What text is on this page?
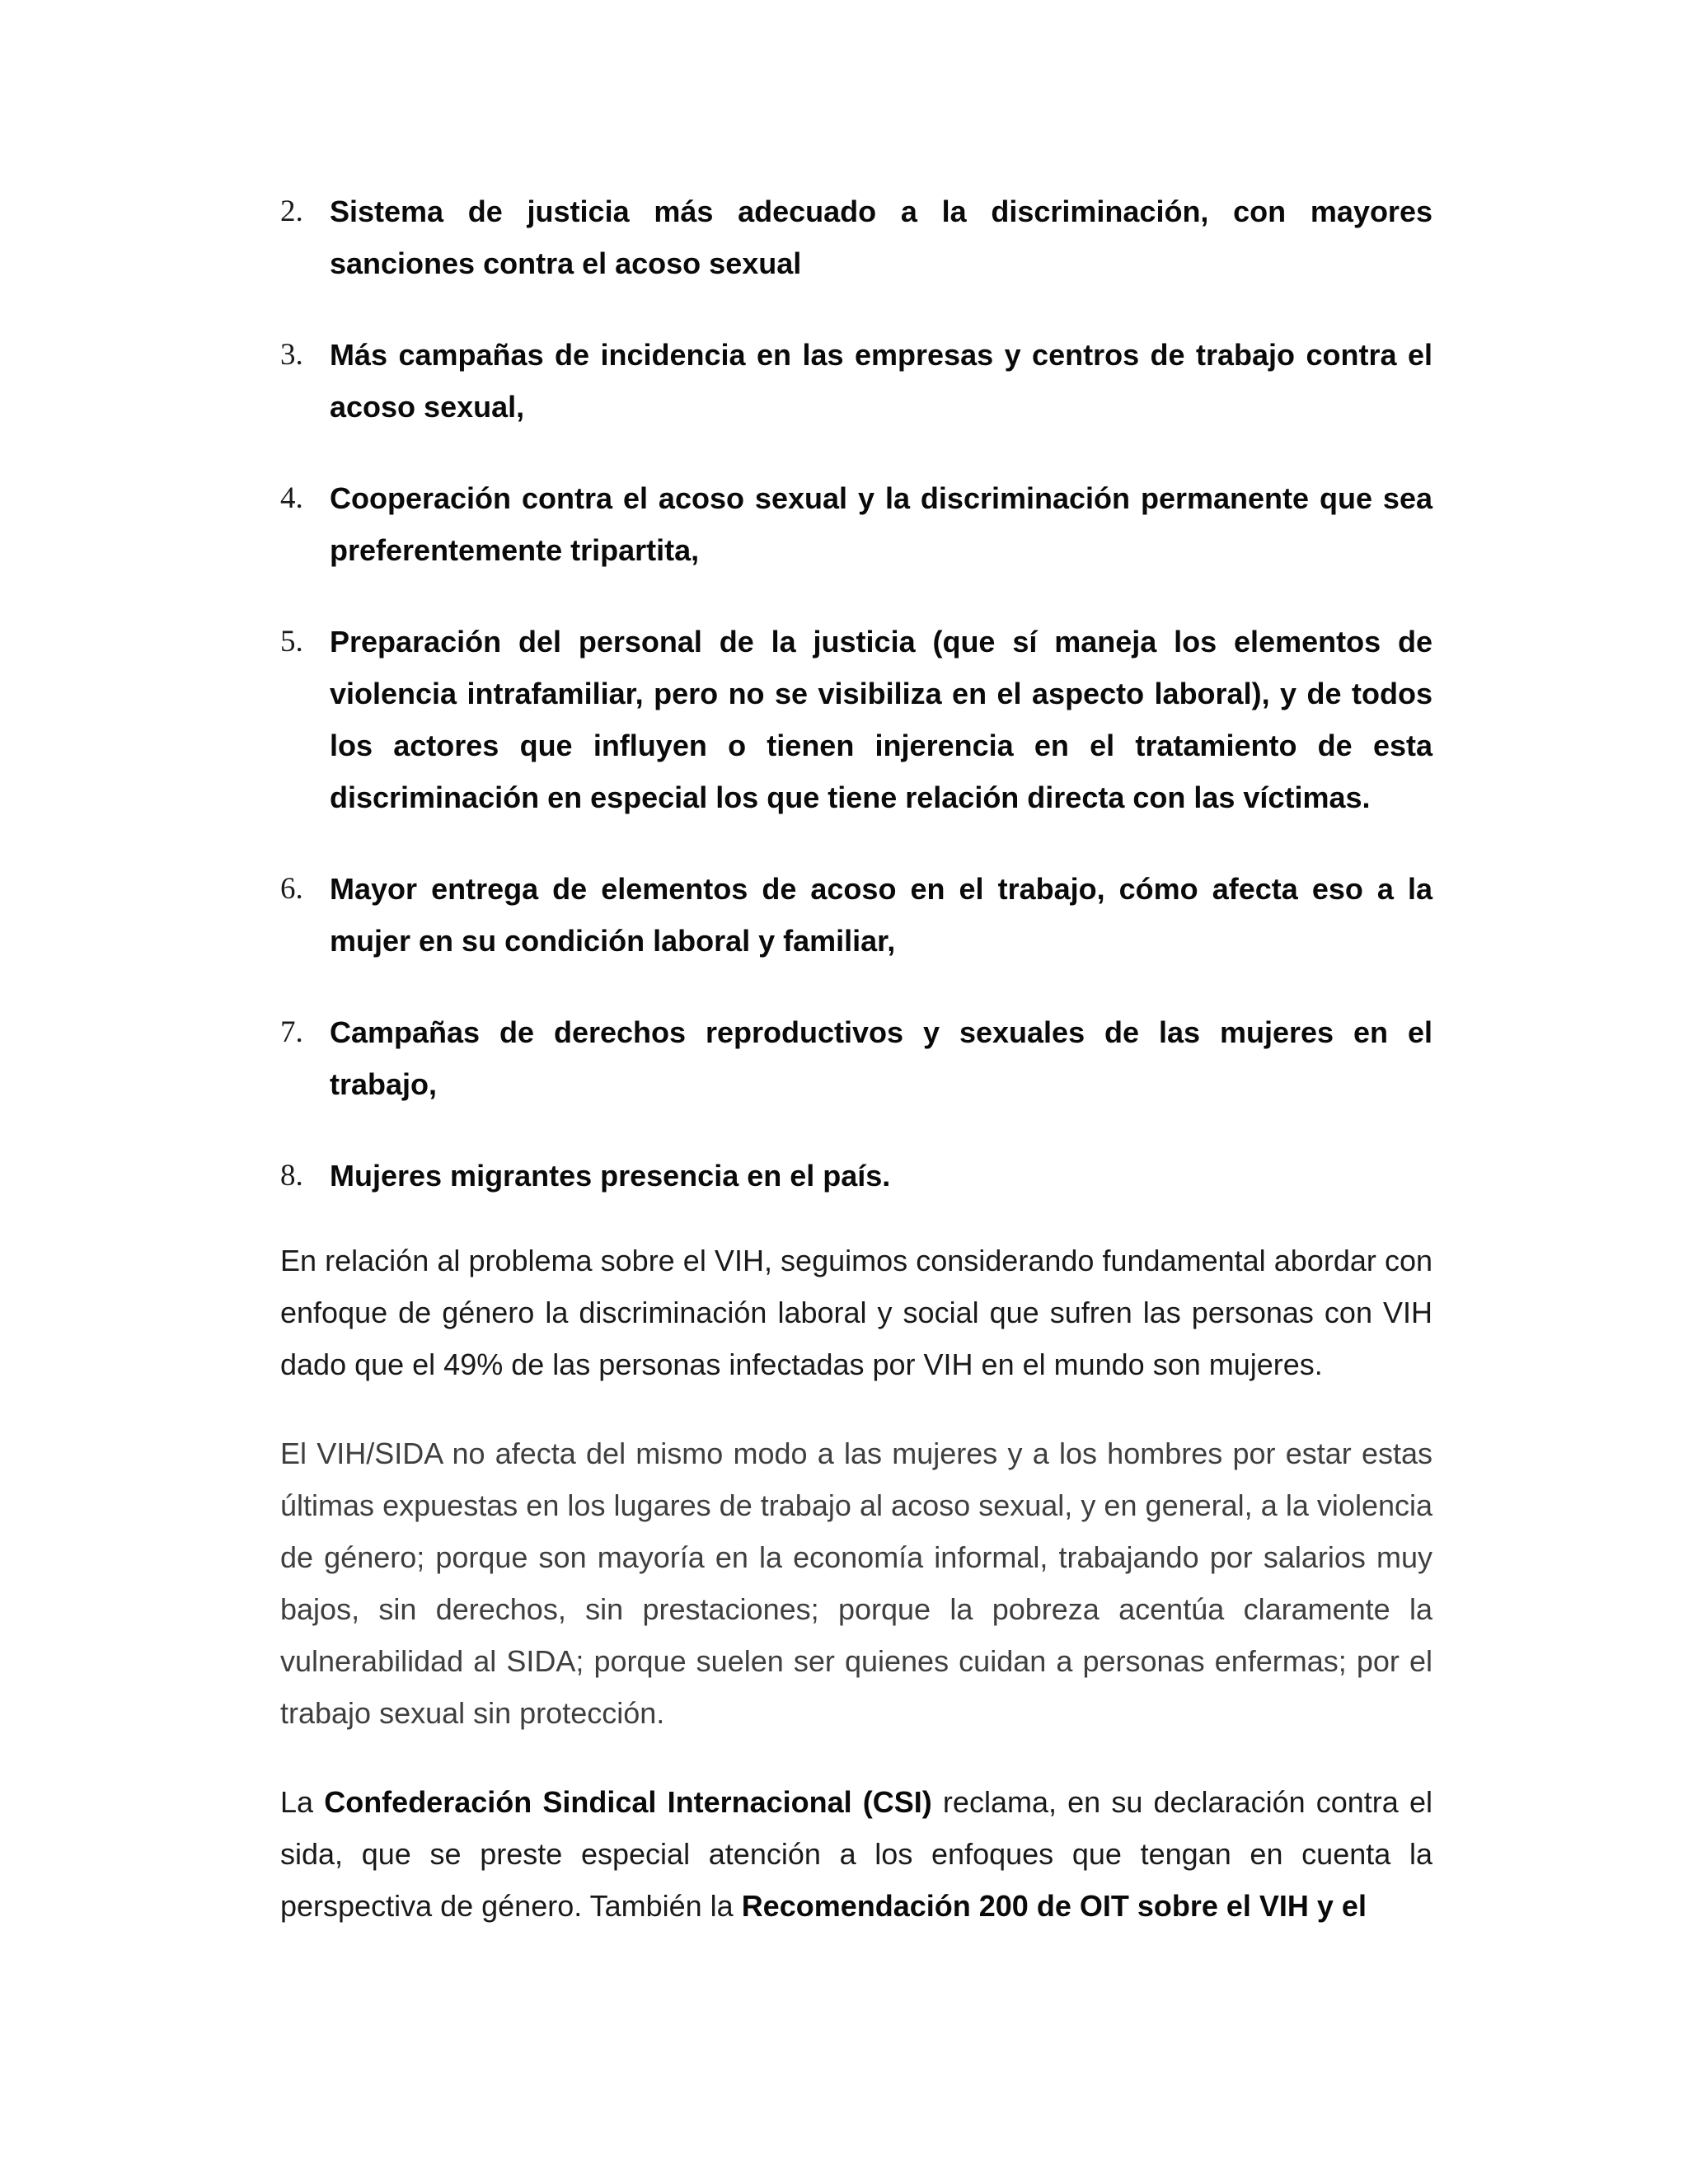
2. Sistema de justicia más adecuado a la discriminación, con mayores sanciones contra el acoso sexual
3. Más campañas de incidencia en las empresas y centros de trabajo contra el acoso sexual,
4. Cooperación contra el acoso sexual y la discriminación permanente que sea preferentemente tripartita,
5. Preparación del personal de la justicia (que sí maneja los elementos de violencia intrafamiliar, pero no se visibiliza en el aspecto laboral), y de todos los actores que influyen o tienen injerencia en el tratamiento de esta discriminación en especial los que tiene relación directa con las víctimas.
6. Mayor entrega de elementos de acoso en el trabajo, cómo afecta eso a la mujer en su condición laboral y familiar,
7. Campañas de derechos reproductivos y sexuales de las mujeres en el trabajo,
8. Mujeres migrantes presencia en el país.

En relación al problema sobre el VIH, seguimos considerando fundamental abordar con enfoque de género la discriminación laboral y social que sufren las personas con VIH dado que el 49% de las personas infectadas por VIH en el mundo son mujeres.

El VIH/SIDA no afecta del mismo modo a las mujeres y a los hombres por estar estas últimas expuestas en los lugares de trabajo al acoso sexual, y en general, a la violencia de género; porque son mayoría en la economía informal, trabajando por salarios muy bajos, sin derechos, sin prestaciones; porque la pobreza acentúa claramente la vulnerabilidad al SIDA; porque suelen ser quienes cuidan a personas enfermas; por el trabajo sexual sin protección.

La Confederación Sindical Internacional (CSI) reclama, en su declaración contra el sida, que se preste especial atención a los enfoques que tengan en cuenta la perspectiva de género. También la Recomendación 200 de OIT sobre el VIH y el
